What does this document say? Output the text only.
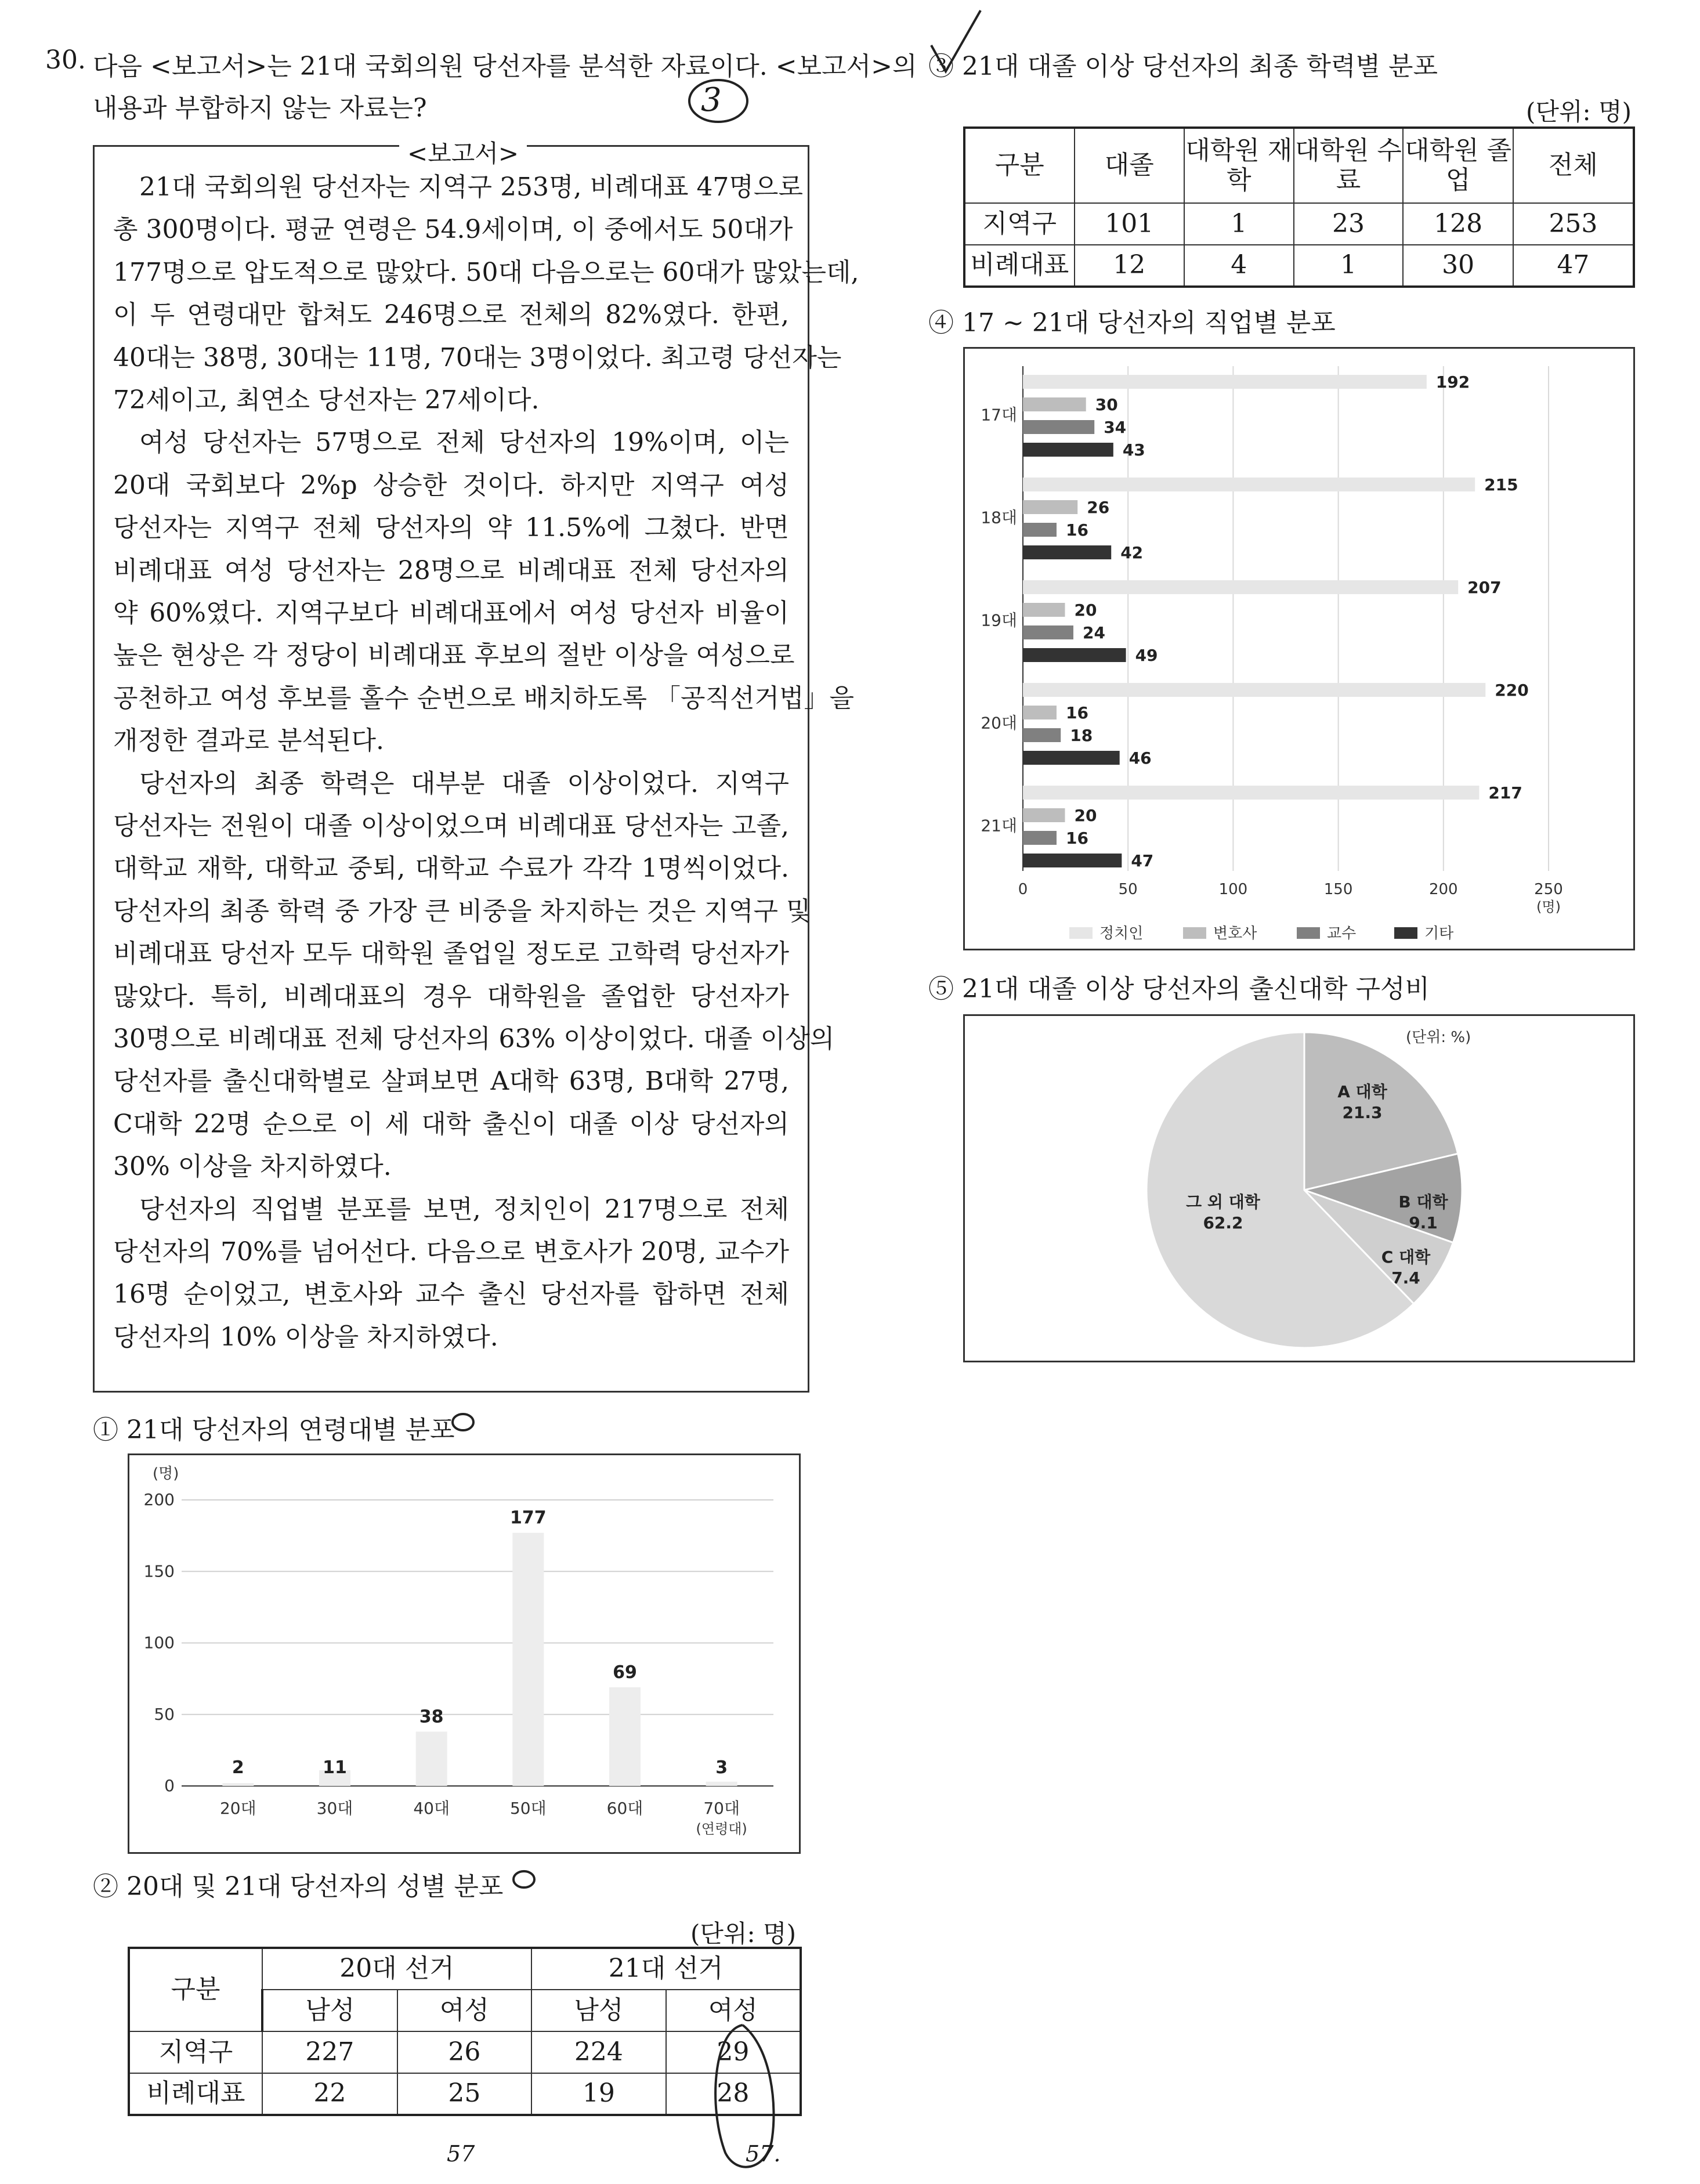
30. 다음 <보고서>는 21대 국회의원 당선자를 분석한 자료이다. <보고서>의
내용과 부합하지 않는 자료는?	3
<보고서>
21대 국회의원 당선자는 지역구 253명, 비례대표 47명으로
총 300명이다. 평균 연령은 54.9세이며, 이 중에서도 50대가
177명으로 압도적으로 많았다. 50대 다음으로는 60대가 많았는데,
이 두 연령대만 합쳐도 246명으로 전체의 82%였다. 한편,
40대는 38명, 30대는 11명, 70대는 3명이었다. 최고령 당선자는
72세이고, 최연소 당선자는 27세이다.
여성 당선자는 57명으로 전체 당선자의 19%이며, 이는
20대 국회보다 2%p 상승한 것이다. 하지만 지역구 여성
당선자는 지역구 전체 당선자의 약 11.5%에 그쳤다. 반면
비례대표 여성 당선자는 28명으로 비례대표 전체 당선자의
약 60%였다. 지역구보다 비례대표에서 여성 당선자 비율이
높은 현상은 각 정당이 비례대표 후보의 절반 이상을 여성으로
공천하고 여성 후보를 홀수 순번으로 배치하도록 「공직선거법」을
개정한 결과로 분석된다.
당선자의 최종 학력은 대부분 대졸 이상이었다. 지역구
당선자는 전원이 대졸 이상이었으며 비례대표 당선자는 고졸,
대학교 재학, 대학교 중퇴, 대학교 수료가 각각 1명씩이었다.
당선자의 최종 학력 중 가장 큰 비중을 차지하는 것은 지역구 및
비례대표 당선자 모두 대학원 졸업일 정도로 고학력 당선자가
많았다. 특히, 비례대표의 경우 대학원을 졸업한 당선자가
30명으로 비례대표 전체 당선자의 63% 이상이었다. 대졸 이상의
당선자를 출신대학별로 살펴보면 A대학 63명, B대학 27명,
C대학 22명 순으로 이 세 대학 출신이 대졸 이상 당선자의
30% 이상을 차지하였다.
당선자의 직업별 분포를 보면, 정치인이 217명으로 전체
당선자의 70%를 넘어선다. 다음으로 변호사가 20명, 교수가
16명 순이었고, 변호사와 교수 출신 당선자를 합하면 전체
당선자의 10% 이상을 차지하였다.
① 21대 당선자의 연령대별 분포
(명)
0
50
100
150
200
2
20대
11
30대
38
40대
177
50대
69
60대
3
70대
(연령대)
② 20대 및 21대 당선자의 성별 분포
(단위: 명)
구분	20대 선거		21대 선거	
	남성	여성	남성	여성
지역구	227	26	224	29
비례대표	22	25	19	28
57	57.
③ 21대 대졸 이상 당선자의 최종 학력별 분포
(단위: 명)
구분	대졸	대학원 재학	대학원 수료	대학원 졸업	전체
지역구	101	1	23	128	253
비례대표	12	4	1	30	47
④ 17 ~ 21대 당선자의 직업별 분포
0	50	100	150	200	250
(명)
192
30
34
43
17대
215
26
16
42
18대
207
20
24
49
19대
220
16
18
46
20대
217
20
16
47
21대
정치인	변호사	교수	기타
⑤ 21대 대졸 이상 당선자의 출신대학 구성비
(단위: %)
A 대학
21.3
B 대학
9.1
C 대학
7.4
그 외 대학
62.2
